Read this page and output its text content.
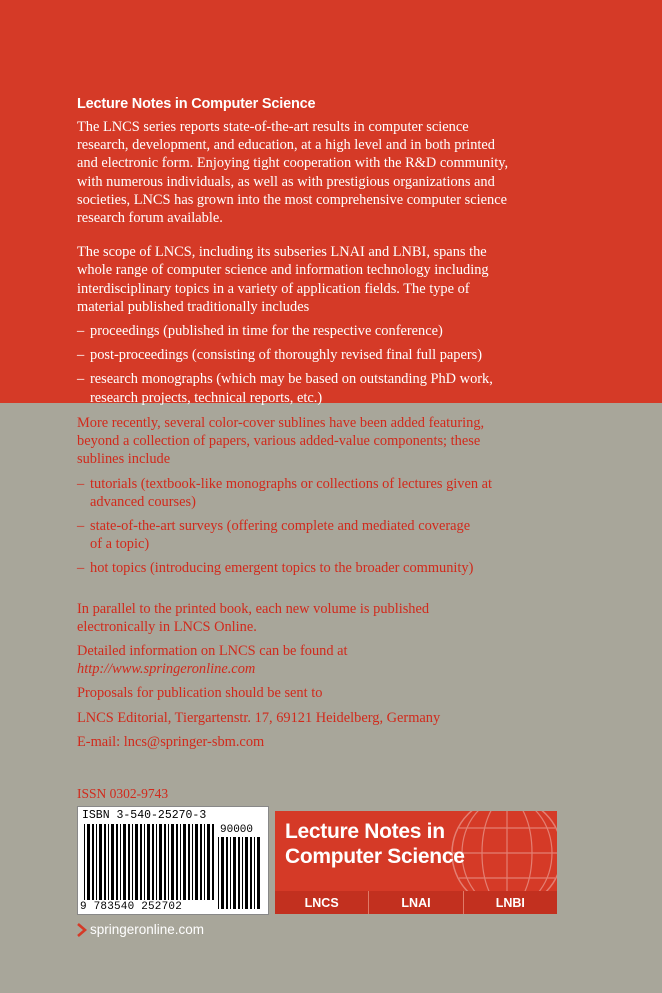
Lecture Notes in Computer Science

The LNCS series reports state-of-the-art results in computer science
research, development, and education, at a high level and in both printed
and electronic form. Enjoying tight cooperation with the R&D community,
with numerous individuals, as well as with prestigious organizations and
societies, LNCS has grown into the most comprehensive computer science
research forum available.

The scope of LNCS, including its subseries LNAI and LNBI, spans the
whole range of computer science and information technology including
interdisciplinary topics in a variety of application fields. The type of
material published traditionally includes

– proceedings (published in time for the respective conference)
– post-proceedings (consisting of thoroughly revised final full papers)
– research monographs (which may be based on outstanding PhD work,
research projects, technical reports, etc.)

More recently, several color-cover sublines have been added featuring,
beyond a collection of papers, various added-value components; these
sublines include

– tutorials (textbook-like monographs or collections of lectures given at
advanced courses)
– state-of-the-art surveys (offering complete and mediated coverage
of a topic)
– hot topics (introducing emergent topics to the broader community)

In parallel to the printed book, each new volume is published
electronically in LNCS Online.

Detailed information on LNCS can be found at
http://www.springeronline.com

Proposals for publication should be sent to

LNCS Editorial, Tiergartenstr. 17, 69121 Heidelberg, Germany

E-mail: lncs@springer-sbm.com

ISSN 0302-9743
ISBN 3-540-25270-3
9 783540 252702
90000 Lecture Notes in
Computer Science
LNCS	LNAI	LNBI
springeronline.com
